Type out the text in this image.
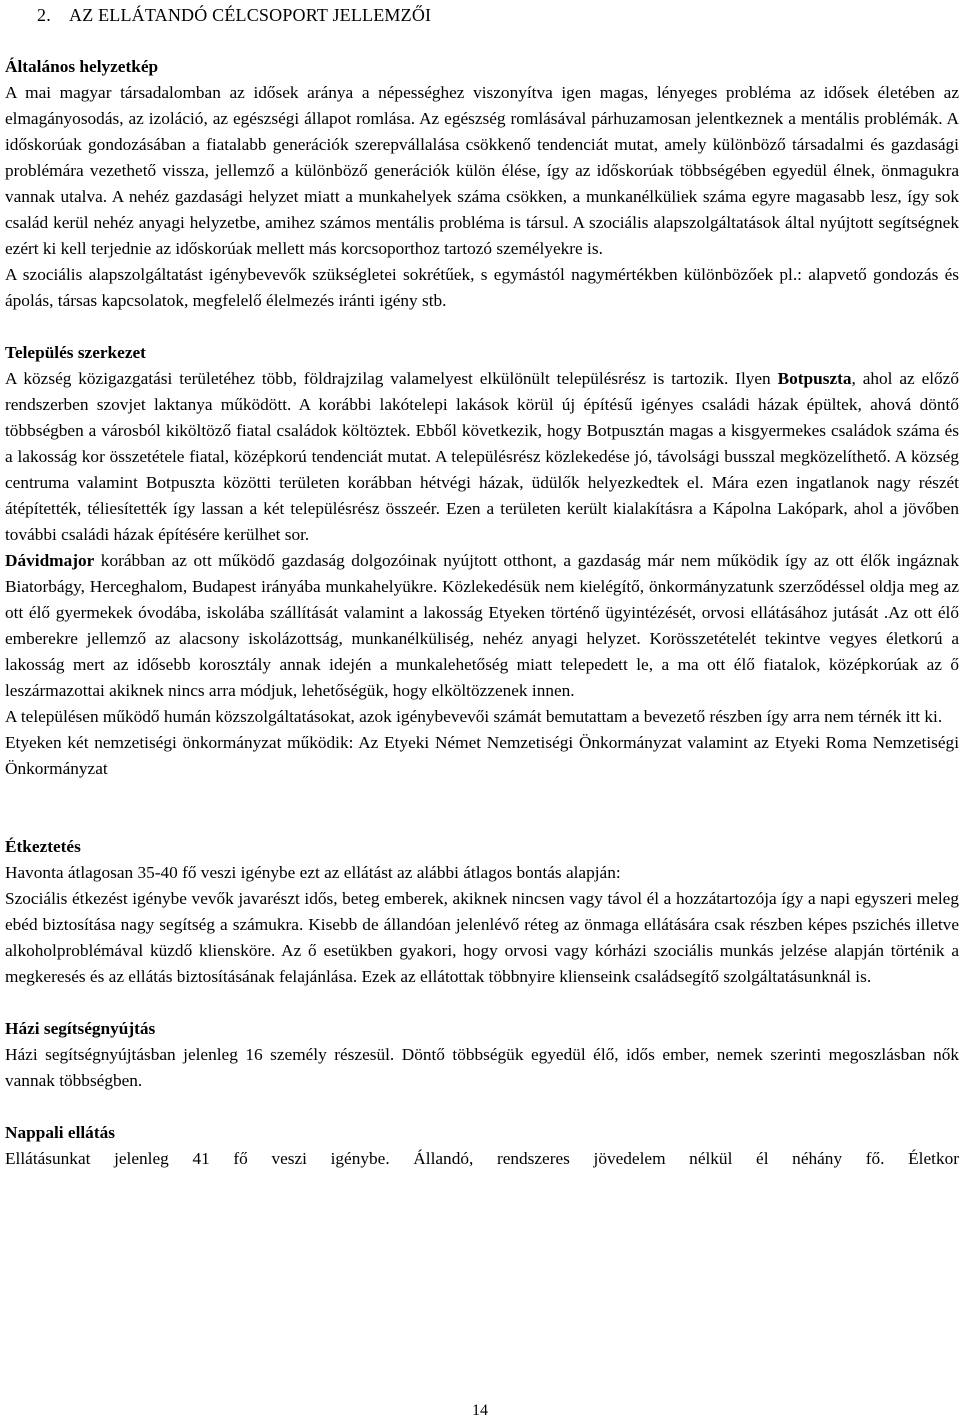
2. AZ ELLÁTANDÓ CÉLCSOPORT JELLEMZŐI
Általános helyzetkép

A mai magyar társadalomban az idősek aránya a népességhez viszonyítva igen magas, lényeges probléma az idősek életében az elmagányosodás, az izoláció, az egészségi állapot romlása. Az egészség romlásával párhuzamosan jelentkeznek a mentális problémák. A időskorúak gondozásában a fiatalabb generációk szerepvállalása csökkenő tendenciát mutat, amely különböző társadalmi és gazdasági problémára vezethető vissza, jellemző a különböző generációk külön élése, így az időskorúak többségében egyedül élnek, önmagukra vannak utalva. A nehéz gazdasági helyzet miatt a munkahelyek száma csökken, a munkanélküliek száma egyre magasabb lesz, így sok család kerül nehéz anyagi helyzetbe, amihez számos mentális probléma is társul. A szociális alapszolgáltatások által nyújtott segítségnek ezért ki kell terjednie az időskorúak mellett más korcsoporthoz tartozó személyekre is.

A szociális alapszolgáltatást igénybevevők szükségletei sokrétűek, s egymástól nagymértékben különbözőek pl.: alapvető gondozás és ápolás, társas kapcsolatok, megfelelő élelmezés iránti igény stb.

Település szerkezet

A község közigazgatási területéhez több, földrajzilag valamelyest elkülönült településrész is tartozik. Ilyen Botpuszta, ahol az előző rendszerben szovjet laktanya működött. A korábbi lakótelepi lakások körül új építésű igényes családi házak épültek, ahová döntő többségben a városból kiköltöző fiatal családok költöztek. Ebből következik, hogy Botpusztán magas a kisgyermekes családok száma és a lakosság kor összetétele fiatal, középkorú tendenciát mutat. A településrész közlekedése jó, távolsági busszal megközelíthető. A község centruma valamint Botpuszta közötti területen korábban hétvégi házak, üdülők helyezkedtek el. Mára ezen ingatlanok nagy részét átépítették, téliesítették így lassan a két településrész összeér. Ezen a területen került kialakításra a Kápolna Lakópark, ahol a jövőben további családi házak építésére kerülhet sor.

Dávidmajor korábban az ott működő gazdaság dolgozóinak nyújtott otthont, a gazdaság már nem működik így az ott élők ingáznak Biatorbágy, Herceghalom, Budapest irányába munkahelyükre. Közlekedésük nem kielégítő, önkormányzatunk szerződéssel oldja meg az ott élő gyermekek óvodába, iskolába szállítását valamint a lakosság Etyeken történő ügyintézését, orvosi ellátásához jutását .Az ott élő emberekre jellemző az alacsony iskolázottság, munkanélküliség, nehéz anyagi helyzet. Korösszetételét tekintve vegyes életkorú a lakosság mert az idősebb korosztály annak idején a munkalehetőség miatt telepedett le, a ma ott élő fiatalok, középkorúak az ő leszármazottai akiknek nincs arra módjuk, lehetőségük, hogy elköltözzenek innen.

A településen működő humán közszolgáltatásokat, azok igénybevevői számát bemutattam a bevezető részben így arra nem térnék itt ki.

Etyeken két nemzetiségi önkormányzat működik: Az Etyeki Német Nemzetiségi Önkormányzat valamint az Etyeki Roma Nemzetiségi Önkormányzat

Étkeztetés

Havonta átlagosan 35-40 fő veszi igénybe ezt az ellátást az alábbi átlagos bontás alapján:

Szociális étkezést igénybe vevők javarészt idős, beteg emberek, akiknek nincsen vagy távol él a hozzátartozója így a napi egyszeri meleg ebéd biztosítása nagy segítség a számukra. Kisebb de állandóan jelenlévő réteg az önmaga ellátására csak részben képes pszichés illetve alkoholproblémával küzdő kliensköre. Az ő esetükben gyakori, hogy orvosi vagy kórházi szociális munkás jelzése alapján történik a megkeresés és az ellátás biztosításának felajánlása. Ezek az ellátottak többnyire klienseink családsegítő szolgáltatásunknál is.

Házi segítségnyújtás

Házi segítségnyújtásban jelenleg 16 személy részesül. Döntő többségük egyedül élő, idős ember, nemek szerinti megoszlásban nők vannak többségben.

Nappali ellátás

Ellátásunkat jelenleg 41 fő veszi igénybe. Állandó, rendszeres jövedelem nélkül él néhány fő. Életkor

14
